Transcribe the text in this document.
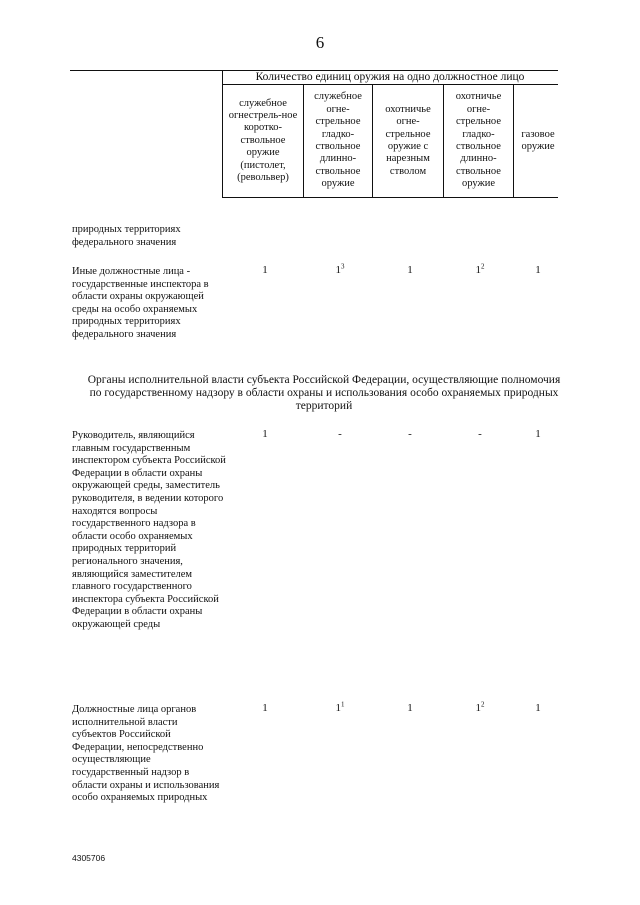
6
Количество единиц оружия на одно должностное лицо
служебное огнестрель-ное коротко-ствольное оружие (пистолет, (револьвер)
служебное огне-стрельное гладко-ствольное длинно-ствольное оружие
охотничье огне-стрельное оружие с нарезным стволом
охотничье огне-стрельное гладко-ствольное длинно-ствольное оружие
газовое оружие
природных территориях федерального значения
Иные должностные лица - государственные инспектора в области охраны окружающей среды на особо охраняемых природных территориях федерального значения
1	$1^3$	1	$1^2$	1
Органы исполнительной власти субъекта Российской Федерации, осуществляющие полномочия по государственному надзору в области охраны и использования особо охраняемых природных территорий
Руководитель, являющийся главным государственным инспектором субъекта Российской Федерации в области охраны окружающей среды, заместитель руководителя, в ведении которого находятся вопросы государственного надзора в области особо охраняемых природных территорий регионального значения, являющийся заместителем главного государственного инспектора субъекта Российской Федерации в области охраны окружающей среды
1	-	-	-	1
Должностные лица органов исполнительной власти субъектов Российской Федерации, непосредственно осуществляющие государственный надзор в области охраны и использования особо охраняемых природных
1	$1^1$	1	$1^2$	1
4305706
